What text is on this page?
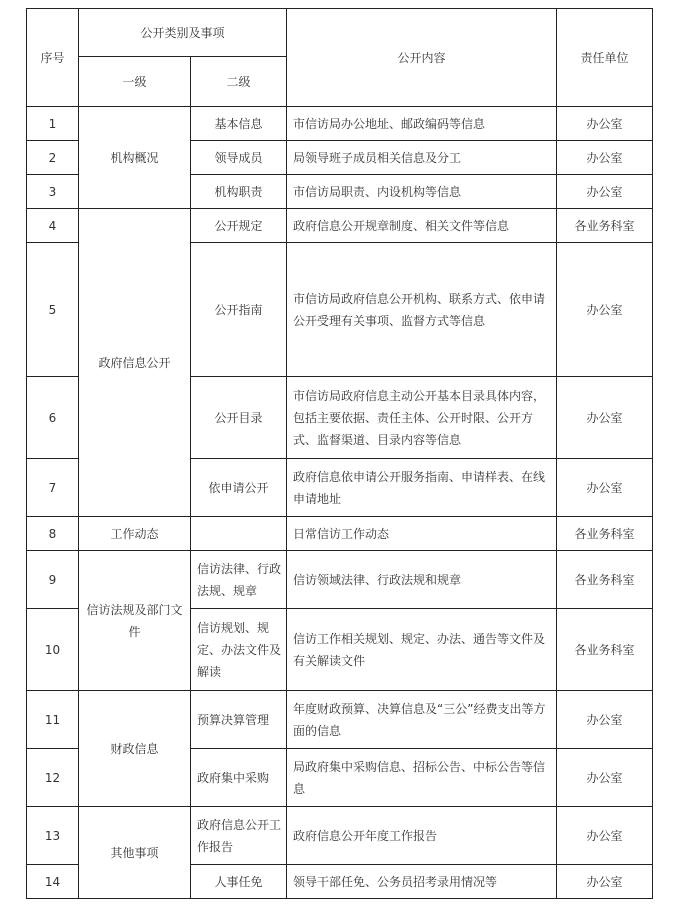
序号	公开类别及事项		公开内容	责任单位
	一级	二级		
1	机构概况	基本信息	市信访局办公地址、邮政编码等信息	办公室
2		领导成员	局领导班子成员相关信息及分工	办公室
3		机构职责	市信访局职责、内设机构等信息	办公室
4	政府信息公开	公开规定	政府信息公开规章制度、相关文件等信息	各业务科室
5		公开指南	市信访局政府信息公开机构、联系方式、依申请公开受理有关事项、监督方式等信息	办公室
6		公开目录	市信访局政府信息主动公开基本目录具体内容，包括主要依据、责任主体、公开时限、公开方式、监督渠道、目录内容等信息	办公室
7		依申请公开	政府信息依申请公开服务指南、申请样表、在线申请地址	办公室
8	工作动态		日常信访工作动态	各业务科室
9	信访法规及部门文件	信访法律、行政法规、规章	信访领域法律、行政法规和规章	各业务科室
10		信访规划、规定、办法文件及解读	信访工作相关规划、规定、办法、通告等文件及有关解读文件	各业务科室
11	财政信息	预算决算管理	年度财政预算、决算信息及“三公”经费支出等方面的信息	办公室
12		政府集中采购	局政府集中采购信息、招标公告、中标公告等信息	办公室
13	其他事项	政府信息公开工作报告	政府信息公开年度工作报告	办公室
14		人事任免	领导干部任免、公务员招考录用情况等	办公室
